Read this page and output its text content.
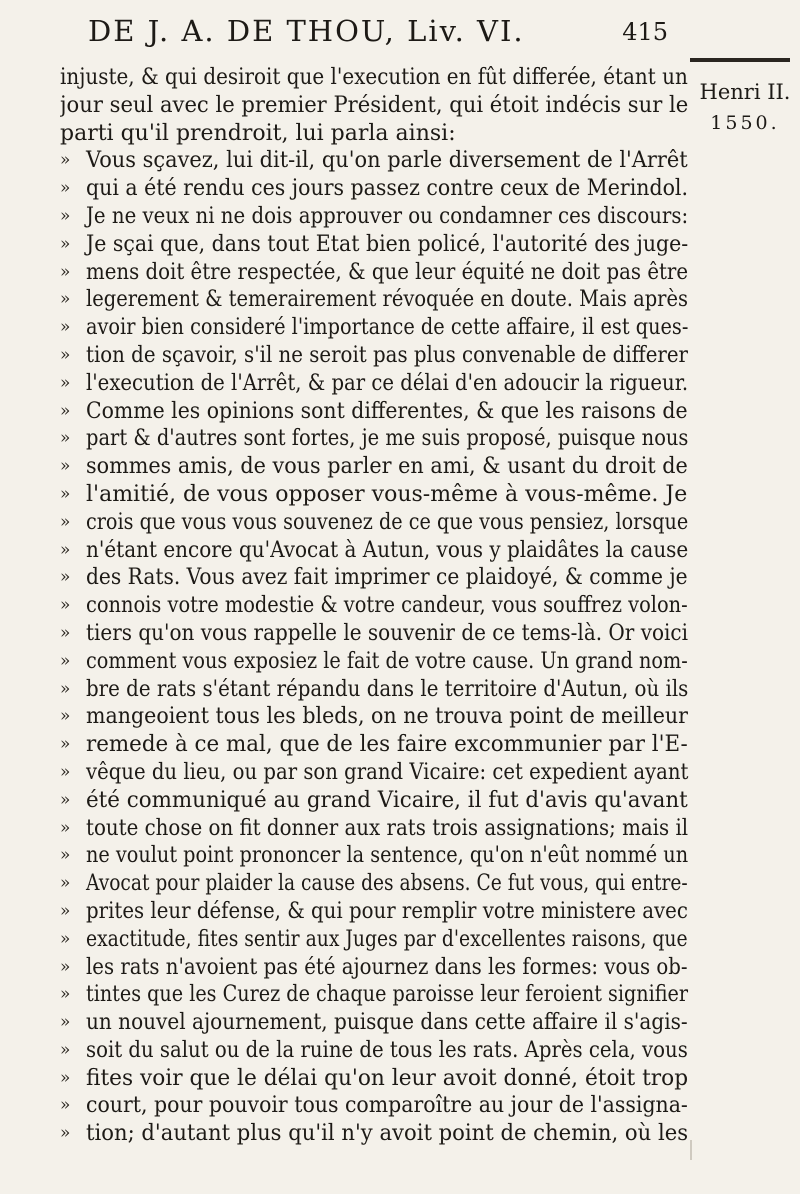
DE J. A. DE THOU, Liv. VI.	415
Henri II.
1550.
injuste, & qui desiroit que l'execution en fût differée, étant un
jour seul avec le premier Président, qui étoit indécis sur le
parti qu'il prendroit, lui parla ainsi:
» Vous sçavez, lui dit-il, qu'on parle diversement de l'Arrêt
» qui a été rendu ces jours passez contre ceux de Merindol.
» Je ne veux ni ne dois approuver ou condamner ces discours:
» Je sçai que, dans tout Etat bien policé, l'autorité des juge-
» mens doit être respectée, & que leur équité ne doit pas être
» legerement & temerairement révoquée en doute. Mais après
» avoir bien consideré l'importance de cette affaire, il est ques-
» tion de sçavoir, s'il ne seroit pas plus convenable de differer
» l'execution de l'Arrêt, & par ce délai d'en adoucir la rigueur.
» Comme les opinions sont differentes, & que les raisons de
» part & d'autres sont fortes, je me suis proposé, puisque nous
» sommes amis, de vous parler en ami, & usant du droit de
» l'amitié, de vous opposer vous-même à vous-même. Je
» crois que vous vous souvenez de ce que vous pensiez, lorsque
» n'étant encore qu'Avocat à Autun, vous y plaidâtes la cause
» des Rats. Vous avez fait imprimer ce plaidoyé, & comme je
» connois votre modestie & votre candeur, vous souffrez volon-
» tiers qu'on vous rappelle le souvenir de ce tems-là. Or voici
» comment vous exposiez le fait de votre cause. Un grand nom-
» bre de rats s'étant répandu dans le territoire d'Autun, où ils
» mangeoient tous les bleds, on ne trouva point de meilleur
» remede à ce mal, que de les faire excommunier par l'E-
» vêque du lieu, ou par son grand Vicaire: cet expedient ayant
» été communiqué au grand Vicaire, il fut d'avis qu'avant
» toute chose on fit donner aux rats trois assignations; mais il
» ne voulut point prononcer la sentence, qu'on n'eût nommé un
» Avocat pour plaider la cause des absens. Ce fut vous, qui entre-
» prites leur défense, & qui pour remplir votre ministere avec
» exactitude, fites sentir aux Juges par d'excellentes raisons, que
» les rats n'avoient pas été ajournez dans les formes: vous ob-
» tintes que les Curez de chaque paroisse leur feroient signifier
» un nouvel ajournement, puisque dans cette affaire il s'agis-
» soit du salut ou de la ruine de tous les rats. Après cela, vous
» fites voir que le délai qu'on leur avoit donné, étoit trop
» court, pour pouvoir tous comparoître au jour de l'assigna-
» tion; d'autant plus qu'il n'y avoit point de chemin, où les
